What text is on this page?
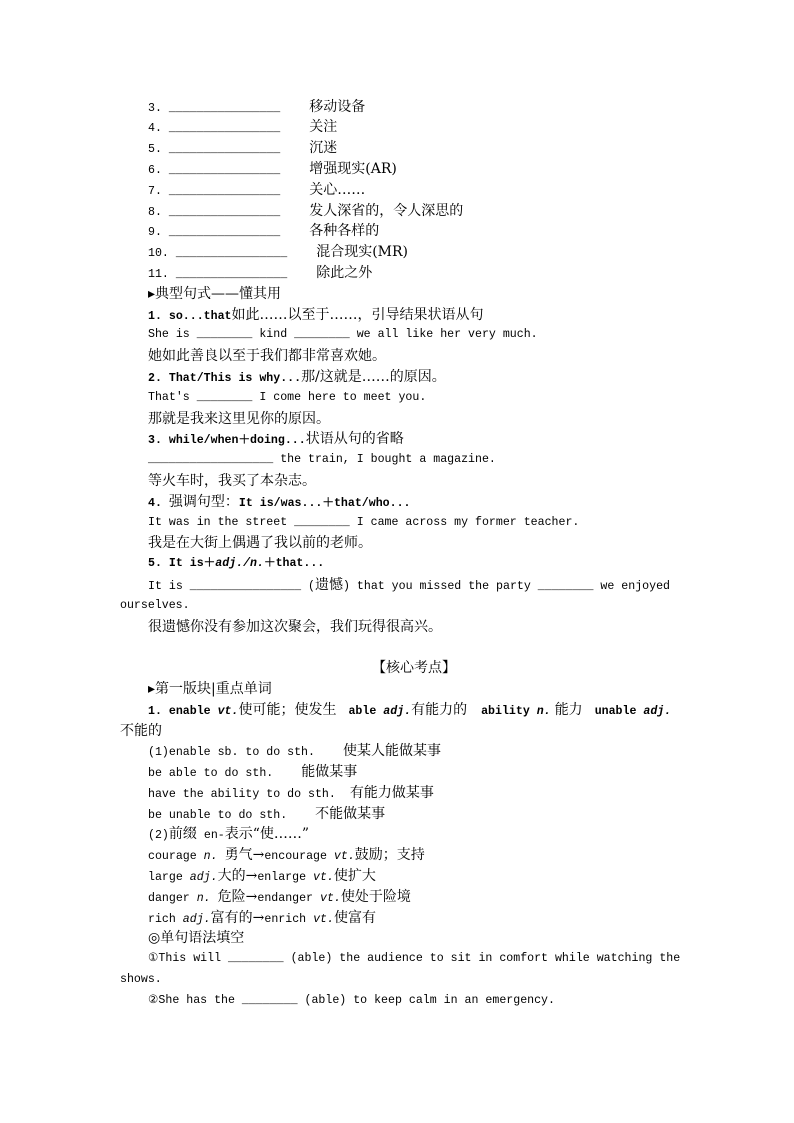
3. ________________ 移动设备
4. ________________ 关注
5. ________________ 沉迷
6. ________________ 增强现实(AR)
7. ________________ 关心……
8. ________________ 发人深省的，令人深思的
9. ________________ 各种各样的
10. ________________ 混合现实(MR)
11. ________________ 除此之外
▸典型句式——懂其用
1. so...that 如此……以至于……，引导结果状语从句
She is ________ kind ________ we all like her very much.
她如此善良以至于我们都非常喜欢她。
2. That/This is why... 那/这就是……的原因。
That's ________ I come here to meet you.
那就是我来这里见你的原因。
3. while/when＋doing... 状语从句的省略
__________________ the train, I bought a magazine.
等火车时，我买了本杂志。
4. 强调句型： It is/was...＋that/who...
It was in the street ________ I came across my former teacher.
我是在大街上偶遇了我以前的老师。
5. It is＋ adj./n. ＋that...
It is ________________ ( 遗憾 ) that you missed the party ________ we enjoyed
ourselves.
很遗憾你没有参加这次聚会，我们玩得很高兴。
【核心考点】
▸第一版块|重点单词
1. enable vt. 使可能；使发生 able adj. 有能力的 ability n. 能力 unable adj.
不能的
(1)enable sb. to do sth. 使某人能做某事
be able to do sth. 能做某事
have the ability to do sth. 有能力做某事
be unable to do sth. 不能做某事
(2) 前缀 en- 表示“使……”
courage n. 勇气 → encourage vt. 鼓励；支持
large adj. 大的 → enlarge vt. 使扩大
danger n. 危险 → endanger vt. 使处于险境
rich adj. 富有的 → enrich vt. 使富有
◎单句语法填空
① This will ________ (able) the audience to sit in comfort while watching the
shows.
② She has the ________ (able) to keep calm in an emergency.
